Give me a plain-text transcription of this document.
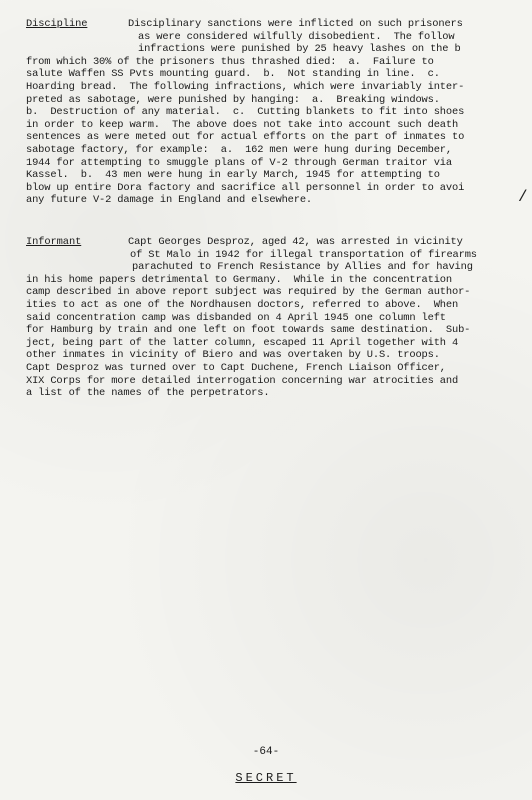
Discipline	Disciplinary sanctions were inflicted on such prisoners
as were considered wilfully disobedient.  The follow
infractions were punished by 25 heavy lashes on the b
from which 30% of the prisoners thus thrashed died:  a.  Failure to
salute Waffen SS Pvts mounting guard.  b.  Not standing in line.  c.
Hoarding bread.  The following infractions, which were invariably inter-
preted as sabotage, were punished by hanging:  a.  Breaking windows.
b.  Destruction of any material.  c.  Cutting blankets to fit into shoes
in order to keep warm.  The above does not take into account such death
sentences as were meted out for actual efforts on the part of inmates to
sabotage factory, for example:  a.  162 men were hung during December,
1944 for attempting to smuggle plans of V-2 through German traitor via
Kassel.  b.  43 men were hung in early March, 1945 for attempting to
blow up entire Dora factory and sacrifice all personnel in order to avoi
any future V-2 damage in England and elsewhere.	/
Informant	Capt Georges Desproz, aged 42, was arrested in vicinity
of St Malo in 1942 for illegal transportation of firearms
parachuted to French Resistance by Allies and for having
in his home papers detrimental to Germany.  While in the concentration
camp described in above report subject was required by the German author-
ities to act as one of the Nordhausen doctors, referred to above.  When
said concentration camp was disbanded on 4 April 1945 one column left
for Hamburg by train and one left on foot towards same destination.  Sub-
ject, being part of the latter column, escaped 11 April together with 4
other inmates in vicinity of Biero and was overtaken by U.S. troops.
Capt Desproz was turned over to Capt Duchene, French Liaison Officer,
XIX Corps for more detailed interrogation concerning war atrocities and
a list of the names of the perpetrators.
-64-
SECRET
